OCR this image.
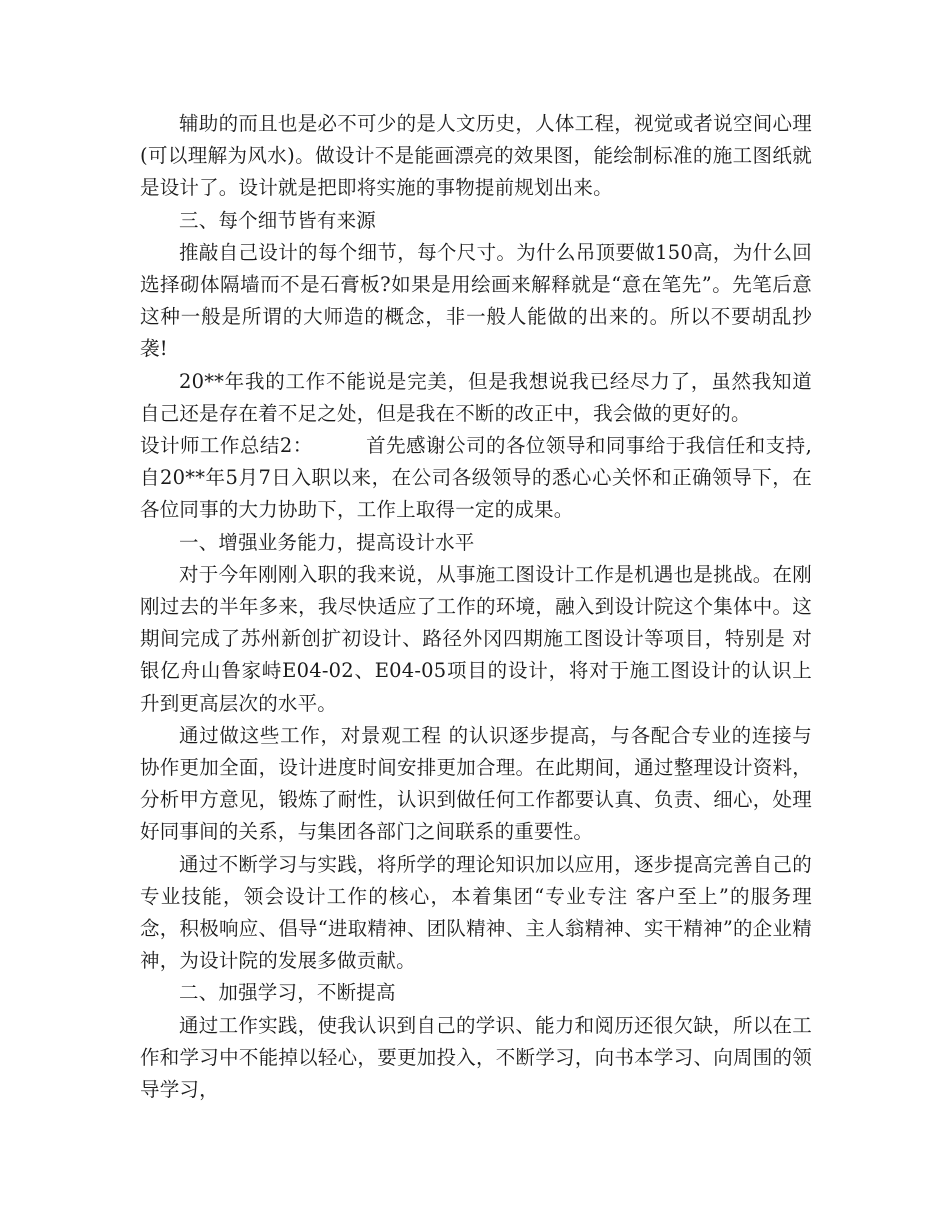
辅助的而且也是必不可少的是人文历史，人体工程，视觉或者说空间心理(可以理解为风水)。做设计不是能画漂亮的效果图，能绘制标准的施工图纸就是设计了。设计就是把即将实施的事物提前规划出来。

三、每个细节皆有来源

推敲自己设计的每个细节，每个尺寸。为什么吊顶要做150高，为什么回选择砌体隔墙而不是石膏板?如果是用绘画来解释就是“意在笔先”。先笔后意这种一般是所谓的大师造的概念，非一般人能做的出来的。所以不要胡乱抄袭!

20**年我的工作不能说是完美，但是我想说我已经尽力了，虽然我知道自己还是存在着不足之处，但是我在不断的改正中，我会做的更好的。

设计师工作总结2：        首先感谢公司的各位领导和同事给于我信任和支持,自20**年5月7日入职以来，在公司各级领导的悉心心关怀和正确领导下，在各位同事的大力协助下，工作上取得一定的成果。

一、增强业务能力，提高设计水平

对于今年刚刚入职的我来说，从事施工图设计工作是机遇也是挑战。在刚刚过去的半年多来，我尽快适应了工作的环境，融入到设计院这个集体中。这期间完成了苏州新创扩初设计、路径外冈四期施工图设计等项目，特别是 对银亿舟山鲁家峙E04-02、E04-05项目的设计，将对于施工图设计的认识上升到更高层次的水平。

通过做这些工作，对景观工程 的认识逐步提高，与各配合专业的连接与协作更加全面，设计进度时间安排更加合理。在此期间，通过整理设计资料，分析甲方意见，锻炼了耐性，认识到做任何工作都要认真、负责、细心，处理好同事间的关系，与集团各部门之间联系的重要性。

通过不断学习与实践，将所学的理论知识加以应用，逐步提高完善自己的专业技能，领会设计工作的核心，本着集团“专业专注 客户至上”的服务理念，积极响应、倡导“进取精神、团队精神、主人翁精神、实干精神”的企业精神，为设计院的发展多做贡献。

二、加强学习，不断提高

通过工作实践，使我认识到自己的学识、能力和阅历还很欠缺，所以在工作和学习中不能掉以轻心，要更加投入，不断学习，向书本学习、向周围的领导学习，
